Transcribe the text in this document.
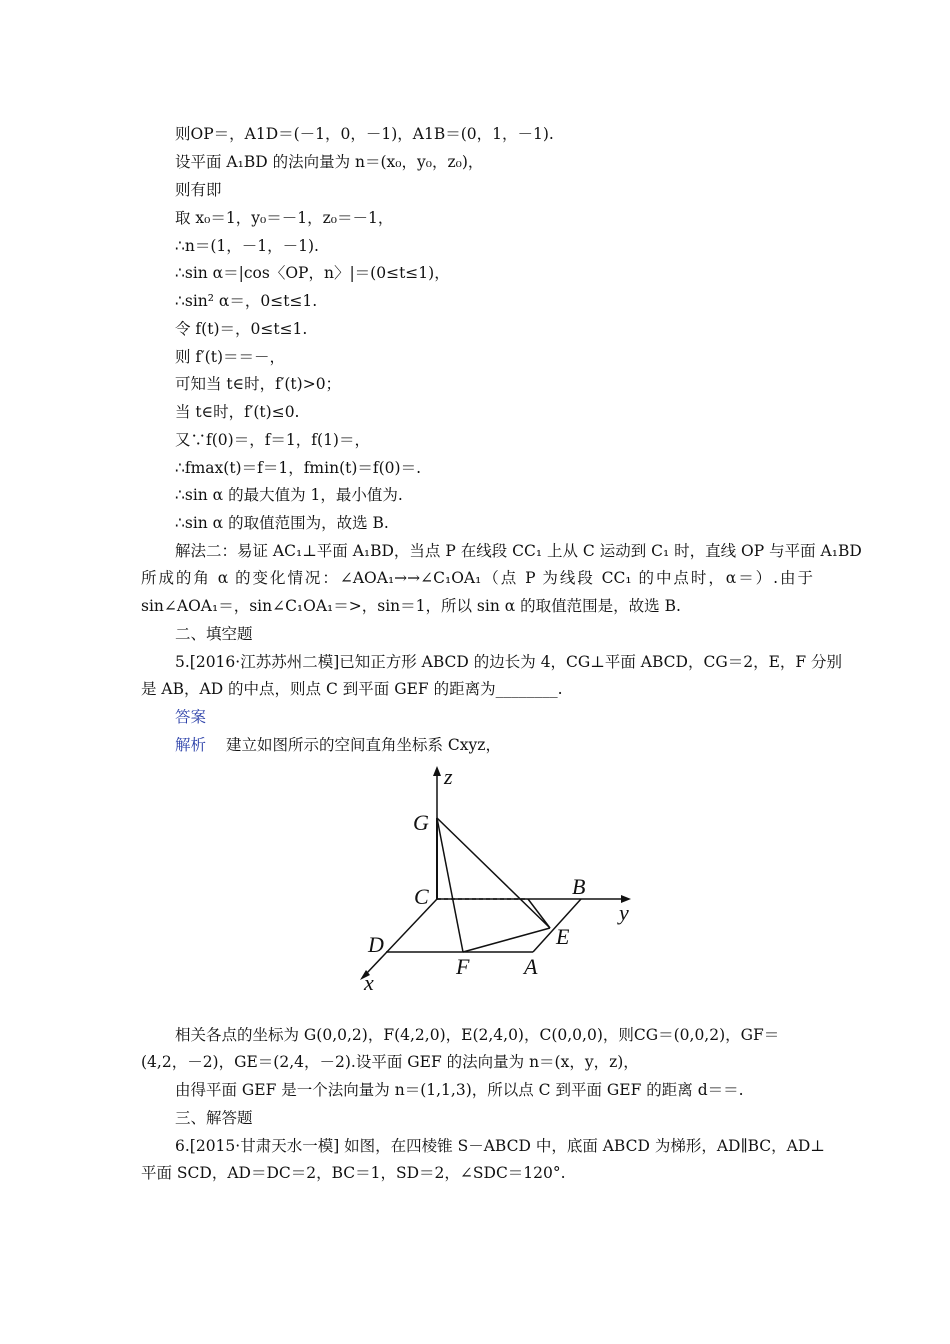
则OP＝，A1D＝(－1，0，－1)，A1B＝(0，1，－1).
设平面 A₁BD 的法向量为 n＝(x₀，y₀，z₀)，
则有即
取 x₀＝1，y₀＝－1，z₀＝－1，
∴n＝(1，－1，－1).
∴sin α＝|cos〈OP，n〉|＝(0≤t≤1)，
∴sin² α＝，0≤t≤1.
令 f(t)＝，0≤t≤1.
则 f′(t)＝＝－，
可知当 t∈时，f′(t)>0；
当 t∈时，f′(t)≤0.
又∵f(0)＝，f＝1，f(1)＝，
∴fmax(t)＝f＝1，fmin(t)＝f(0)＝.
∴sin α 的最大值为 1，最小值为.
∴sin α 的取值范围为，故选 B.
解法二：易证 AC₁⊥平面 A₁BD，当点 P 在线段 CC₁ 上从 C 运动到 C₁ 时，直线 OP 与平面 A₁BD
所成的角 α 的变化情况：∠AOA₁→→∠C₁OA₁（点 P 为线段 CC₁ 的中点时，α＝）.由于
sin∠AOA₁＝，sin∠C₁OA₁＝>，sin＝1，所以 sin α 的取值范围是，故选 B.
二、填空题
5.[2016·江苏苏州二模]已知正方形 ABCD 的边长为 4，CG⊥平面 ABCD，CG＝2，E，F 分别
是 AB，AD 的中点，则点 C 到平面 GEF 的距离为________.
答案
解析 建立如图所示的空间直角坐标系 Cxyz，
z
y
x
G
C	B
D	E
F A
相关各点的坐标为 G(0,0,2)，F(4,2,0)，E(2,4,0)，C(0,0,0)，则CG＝(0,0,2)，GF＝
(4,2，－2)，GE＝(2,4，－2).设平面 GEF 的法向量为 n＝(x，y，z)，
由得平面 GEF 是一个法向量为 n＝(1,1,3)，所以点 C 到平面 GEF 的距离 d＝＝.
三、解答题
6.[2015·甘肃天水一模] 如图，在四棱锥 S－ABCD 中，底面 ABCD 为梯形，AD∥BC，AD⊥
平面 SCD，AD＝DC＝2，BC＝1，SD＝2，∠SDC＝120°.
